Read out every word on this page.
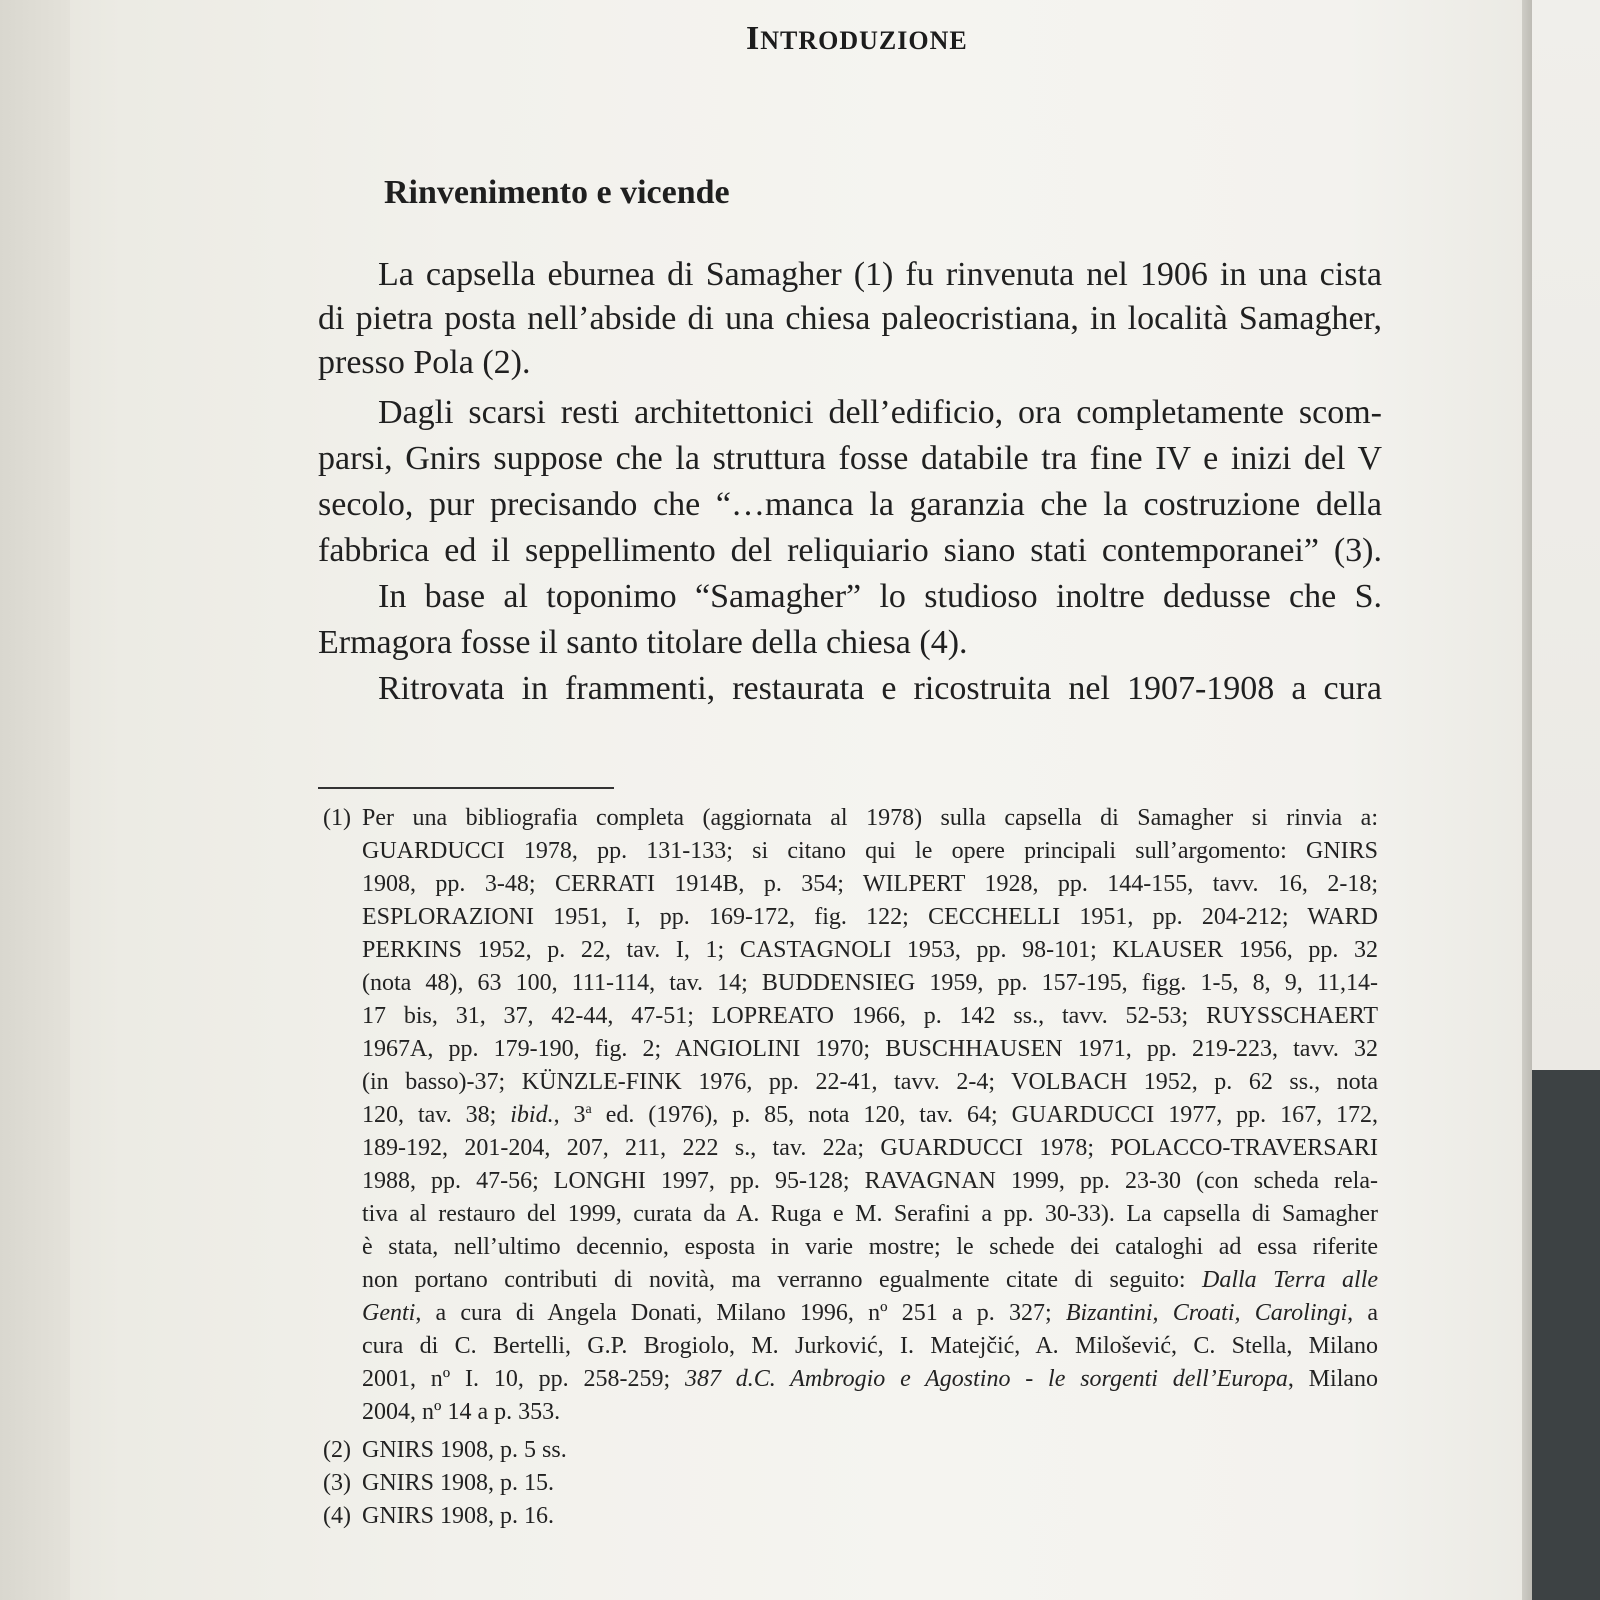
INTRODUZIONE
Rinvenimento e vicende
La capsella eburnea di Samagher (1) fu rinvenuta nel 1906 in una cista
di pietra posta nell’abside di una chiesa paleocristiana, in località Samagher,
presso Pola (2).
Dagli scarsi resti architettonici dell’edificio, ora completamente scom-
parsi, Gnirs suppose che la struttura fosse databile tra fine IV e inizi del V
secolo, pur precisando che “…manca la garanzia che la costruzione della
fabbrica ed il seppellimento del reliquiario siano stati contemporanei” (3).
In base al toponimo “Samagher” lo studioso inoltre dedusse che S.
Ermagora fosse il santo titolare della chiesa (4).
Ritrovata in frammenti, restaurata e ricostruita nel 1907-1908 a cura
(1) Per una bibliografia completa (aggiornata al 1978) sulla capsella di Samagher si rinvia a:
GUARDUCCI 1978, pp. 131-133; si citano qui le opere principali sull’argomento: GNIRS
1908, pp. 3-48; CERRATI 1914B, p. 354; WILPERT 1928, pp. 144-155, tavv. 16, 2-18;
ESPLORAZIONI 1951, I, pp. 169-172, fig. 122; CECCHELLI 1951, pp. 204-212; WARD
PERKINS 1952, p. 22, tav. I, 1; CASTAGNOLI 1953, pp. 98-101; KLAUSER 1956, pp. 32
(nota 48), 63 100, 111-114, tav. 14; BUDDENSIEG 1959, pp. 157-195, figg. 1-5, 8, 9, 11,14-
17 bis, 31, 37, 42-44, 47-51; LOPREATO 1966, p. 142 ss., tavv. 52-53; RUYSSCHAERT
1967A, pp. 179-190, fig. 2; ANGIOLINI 1970; BUSCHHAUSEN 1971, pp. 219-223, tavv. 32
(in basso)-37; KÜNZLE-FINK 1976, pp. 22-41, tavv. 2-4; VOLBACH 1952, p. 62 ss., nota
120, tav. 38; ibid., 3$^a$ ed. (1976), p. 85, nota 120, tav. 64; GUARDUCCI 1977, pp. 167, 172,
189-192, 201-204, 207, 211, 222 s., tav. 22a; GUARDUCCI 1978; POLACCO-TRAVERSARI
1988, pp. 47-56; LONGHI 1997, pp. 95-128; RAVAGNAN 1999, pp. 23-30 (con scheda rela-
tiva al restauro del 1999, curata da A. Ruga e M. Serafini a pp. 30-33). La capsella di Samagher
è stata, nell’ultimo decennio, esposta in varie mostre; le schede dei cataloghi ad essa riferite
non portano contributi di novità, ma verranno egualmente citate di seguito: Dalla Terra alle
Genti, a cura di Angela Donati, Milano 1996, nº 251 a p. 327; Bizantini, Croati, Carolingi, a
cura di C. Bertelli, G.P. Brogiolo, M. Jurković, I. Matejčić, A. Milošević, C. Stella, Milano
2001, nº I. 10, pp. 258-259; 387 d.C. Ambrogio e Agostino - le sorgenti dell’Europa, Milano
2004, nº 14 a p. 353.
(2) GNIRS 1908, p. 5 ss.
(3) GNIRS 1908, p. 15.
(4) GNIRS 1908, p. 16.
